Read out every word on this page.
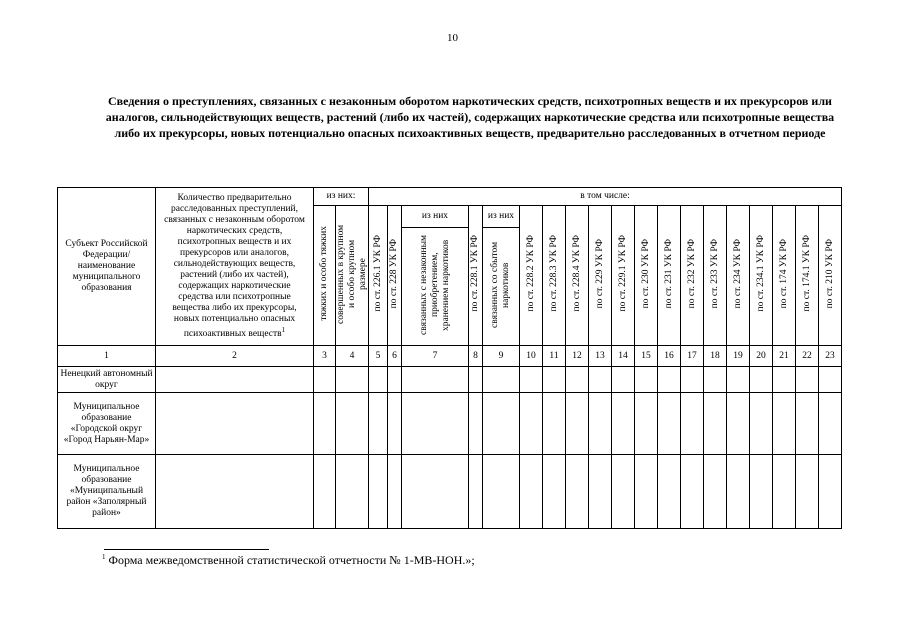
10
Сведения о преступлениях, связанных с незаконным оборотом наркотических средств, психотропных веществ и их прекурсоров или аналогов, сильнодействующих веществ, растений (либо их частей), содержащих наркотические средства или психотропные вещества либо их прекурсоры, новых потенциально опасных психоактивных веществ, предварительно расследованных в отчетном периоде
Субъект Российской Федерации/ наименование муниципального образования	Количество предварительно расследованных преступлений, связанных с незаконным оборотом наркотических средств, психотропных веществ и их прекурсоров или аналогов, сильнодействующих веществ, растений (либо их частей), содержащих наркотические средства или психотропные вещества либо их прекурсоры, новых потенциально опасных психоактивных веществ$^1$	из них:		в том числе:																		
		тяжких и особо тяжких	совершенных в крупном и особо крупном размере	по ст. 226.1 УК РФ	по ст. 228 УК РФ	из них	по ст. 228.1 УК РФ	из них	по ст. 228.2 УК РФ	по ст. 228.3 УК РФ	по ст. 228.4 УК РФ	по ст. 229 УК РФ	по ст. 229.1 УК РФ	по ст. 230 УК РФ	по ст. 231 УК РФ	по ст. 232 УК РФ	по ст. 233 УК РФ	по ст. 234 УК РФ	по ст. 234.1 УК РФ	по ст. 174 УК РФ	по ст. 174.1 УК РФ	по ст. 210 УК РФ
						связанных с незаконным приобретением, хранением наркотиков		связанных со сбытом наркотиков														
1	2	3	4	5	6	7	8	9	10	11	12	13	14	15	16	17	18	19	20	21	22	23
Ненецкий автономный округ																						
Муниципальное образование «Городской округ «Город Нарьян-Мар»																						
Муниципальное образование «Муниципальный район «Заполярный район»																						
$^1$ Форма межведомственной статистической отчетности № 1-МВ-НОН.»;
